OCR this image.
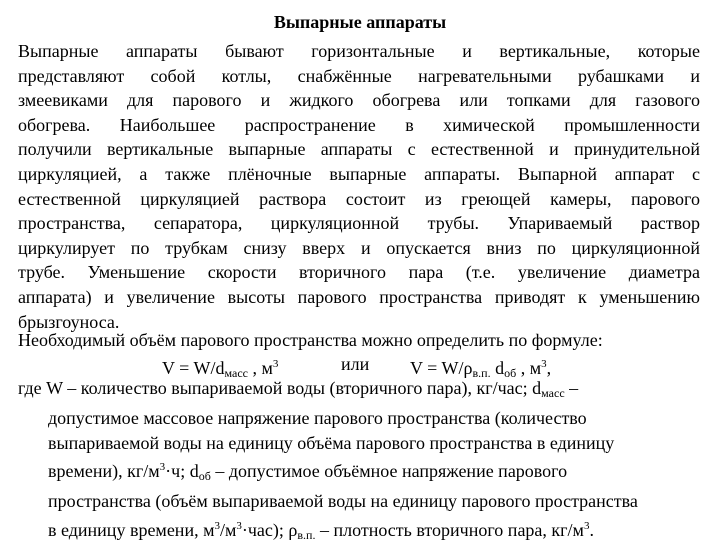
Выпарные аппараты
Выпарные аппараты бывают горизонтальные и вертикальные, которые
представляют собой котлы, снабжённые нагревательными рубашками и
змеевиками для парового и жидкого обогрева или топками для газового
обогрева. Наибольшее распространение в химической промышленности
получили вертикальные выпарные аппараты с естественной и принудительной
циркуляцией, а также плёночные выпарные аппараты. Выпарной аппарат с
естественной циркуляцией раствора состоит из греющей камеры, парового
пространства, сепаратора, циркуляционной трубы. Упариваемый раствор
циркулирует по трубкам снизу вверх и опускается вниз по циркуляционной
трубе. Уменьшение скорости вторичного пара (т.е. увеличение диаметра
аппарата) и увеличение высоты парового пространства приводят к уменьшению
брызгоуноса.
Необходимый объём парового пространства можно определить по формуле:
$V = W/d_{масс}$ , $м^3$	или $V = W/\rho_{в.п.}$ $d_{об}$ , $м^3$,
где W – количество выпариваемой воды (вторичного пара), кг/час; $d_{масс}$ –
допустимое массовое напряжение парового пространства (количество
выпариваемой воды на единицу объёма парового пространства в единицу
времени), $кг/м^3\cdot ч$; $d_{об}$ – допустимое объёмное напряжение парового
пространства (объём выпариваемой воды на единицу парового пространства
в единицу времени, $м^3/м^3\cdot час$); $\rho_{в.п.}$ – плотность вторичного пара, $кг/м^3$.
